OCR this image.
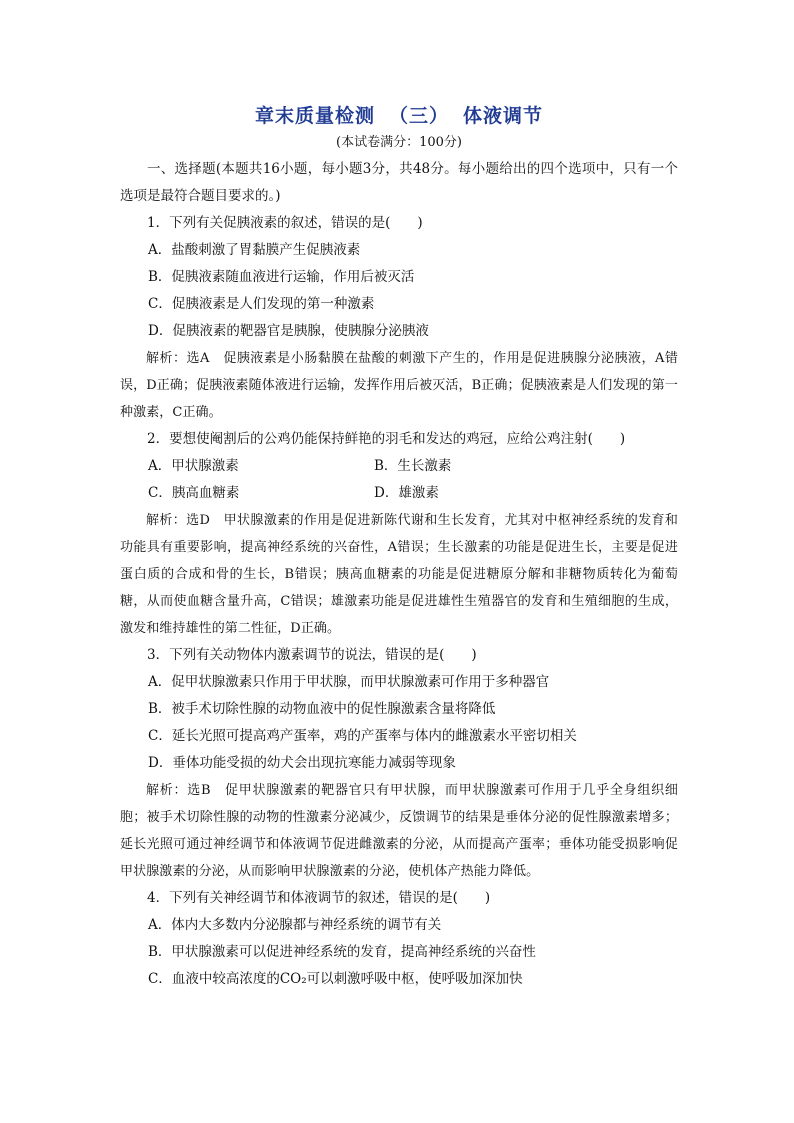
章末质量检测 （三） 体液调节

(本试卷满分：100分)

一、选择题(本题共16小题，每小题3分，共48分。每小题给出的四个选项中，只有一个选项是最符合题目要求的。)

1．下列有关促胰液素的叙述，错误的是(　　)

A．盐酸刺激了胃黏膜产生促胰液素

B．促胰液素随血液进行运输，作用后被灭活

C．促胰液素是人们发现的第一种激素

D．促胰液素的靶器官是胰腺，使胰腺分泌胰液

解析：选A　促胰液素是小肠黏膜在盐酸的刺激下产生的，作用是促进胰腺分泌胰液，A错误，D正确；促胰液素随体液进行运输，发挥作用后被灭活，B正确；促胰液素是人们发现的第一种激素，C正确。

2．要想使阉割后的公鸡仍能保持鲜艳的羽毛和发达的鸡冠，应给公鸡注射(　　)

A．甲状腺激素	B．生长激素
C．胰高血糖素	D．雄激素

解析：选D　甲状腺激素的作用是促进新陈代谢和生长发育，尤其对中枢神经系统的发育和功能具有重要影响，提高神经系统的兴奋性，A错误；生长激素的功能是促进生长，主要是促进蛋白质的合成和骨的生长，B错误；胰高血糖素的功能是促进糖原分解和非糖物质转化为葡萄糖，从而使血糖含量升高，C错误；雄激素功能是促进雄性生殖器官的发育和生殖细胞的生成，激发和维持雄性的第二性征，D正确。

3．下列有关动物体内激素调节的说法，错误的是(　　)

A．促甲状腺激素只作用于甲状腺，而甲状腺激素可作用于多种器官

B．被手术切除性腺的动物血液中的促性腺激素含量将降低

C．延长光照可提高鸡产蛋率，鸡的产蛋率与体内的雌激素水平密切相关

D．垂体功能受损的幼犬会出现抗寒能力减弱等现象

解析：选B　促甲状腺激素的靶器官只有甲状腺，而甲状腺激素可作用于几乎全身组织细胞；被手术切除性腺的动物的性激素分泌减少，反馈调节的结果是垂体分泌的促性腺激素增多；延长光照可通过神经调节和体液调节促进雌激素的分泌，从而提高产蛋率；垂体功能受损影响促甲状腺激素的分泌，从而影响甲状腺激素的分泌，使机体产热能力降低。

4．下列有关神经调节和体液调节的叙述，错误的是(　　)

A．体内大多数内分泌腺都与神经系统的调节有关

B．甲状腺激素可以促进神经系统的发育，提高神经系统的兴奋性

C．血液中较高浓度的CO₂可以刺激呼吸中枢，使呼吸加深加快
